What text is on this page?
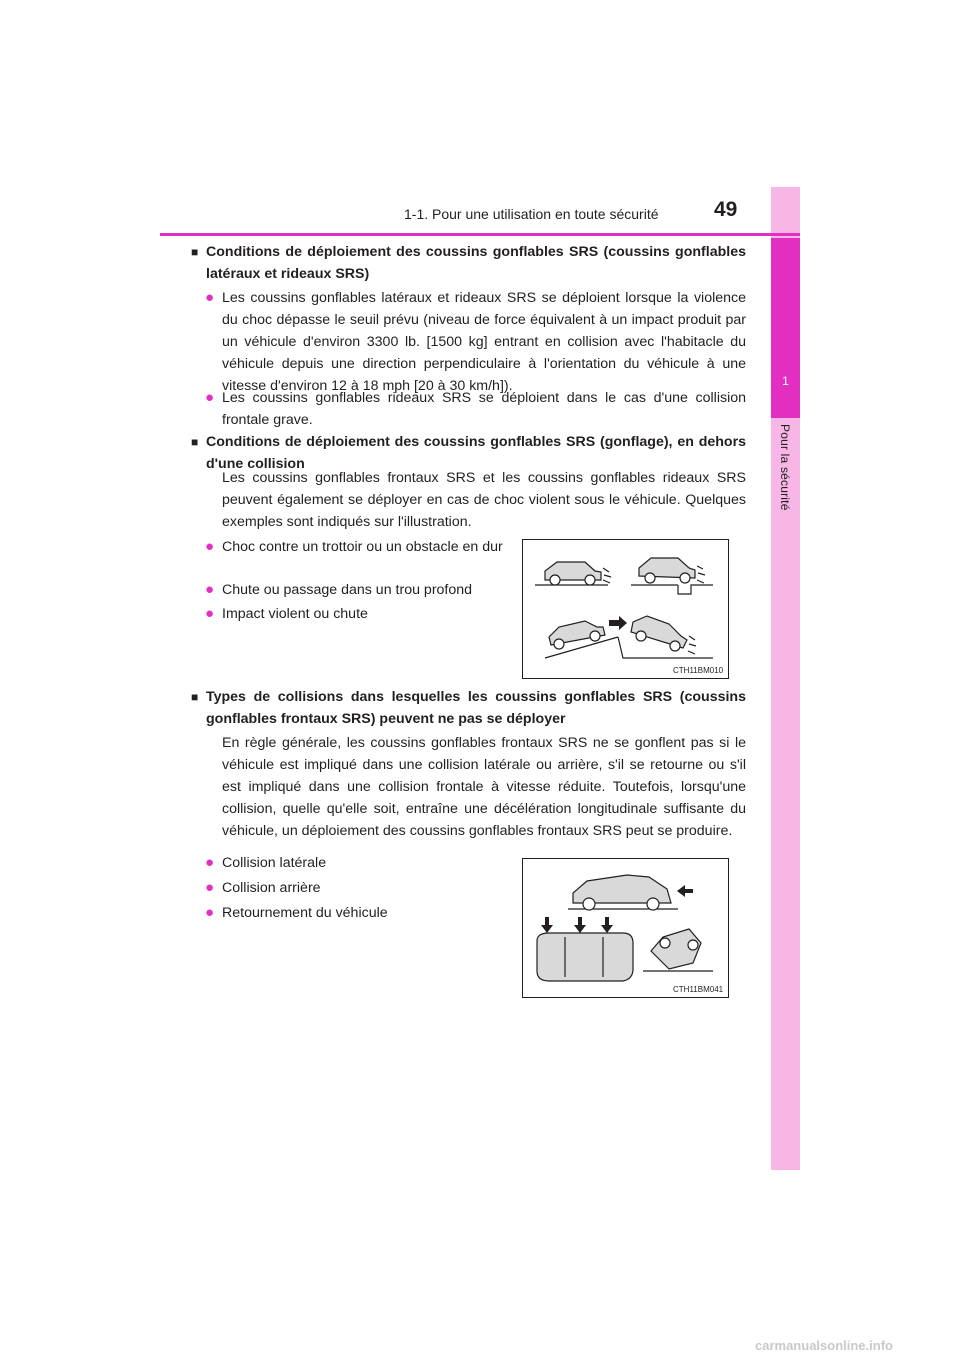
1
Pour la sécurité
1-1. Pour une utilisation en toute sécurité	49
■ Conditions de déploiement des coussins gonflables SRS (coussins gonflables latéraux et rideaux SRS)
● Les coussins gonflables latéraux et rideaux SRS se déploient lorsque la violence du choc dépasse le seuil prévu (niveau de force équivalent à un impact produit par un véhicule d'environ 3300 lb. [1500 kg] entrant en collision avec l'habitacle du véhicule depuis une direction perpendiculaire à l'orientation du véhicule à une vitesse d'environ 12 à 18 mph [20 à 30 km/h]).
● Les coussins gonflables rideaux SRS se déploient dans le cas d'une collision frontale grave.
■ Conditions de déploiement des coussins gonflables SRS (gonflage), en dehors d'une collision
Les coussins gonflables frontaux SRS et les coussins gonflables rideaux SRS peuvent également se déployer en cas de choc violent sous le véhicule. Quelques exemples sont indiqués sur l'illustration.
● Choc contre un trottoir ou un obstacle en dur
● Chute ou passage dans un trou profond
● Impact violent ou chute
CTH11BM010
■ Types de collisions dans lesquelles les coussins gonflables SRS (coussins gonflables frontaux SRS) peuvent ne pas se déployer
En règle générale, les coussins gonflables frontaux SRS ne se gonflent pas si le véhicule est impliqué dans une collision latérale ou arrière, s'il se retourne ou s'il est impliqué dans une collision frontale à vitesse réduite. Toutefois, lorsqu'une collision, quelle qu'elle soit, entraîne une décélération longitudinale suffisante du véhicule, un déploiement des coussins gonflables frontaux SRS peut se produire.
● Collision latérale
● Collision arrière
● Retournement du véhicule
CTH11BM041
carmanualsonline.info
